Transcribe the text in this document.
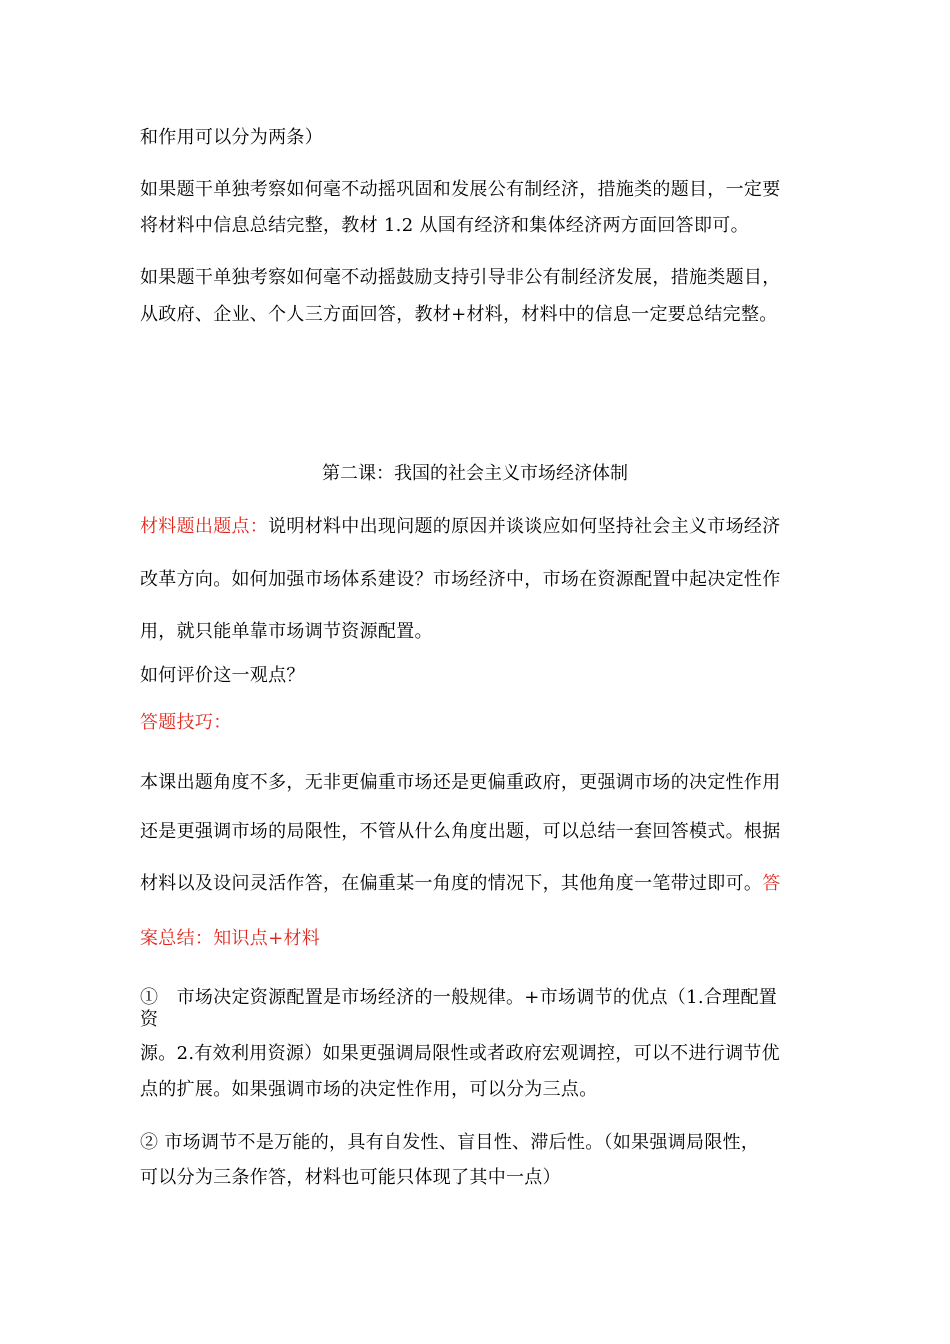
和作用可以分为两条）
如果题干单独考察如何毫不动摇巩固和发展公有制经济，措施类的题目，一定要
将材料中信息总结完整，教材 1.2 从国有经济和集体经济两方面回答即可。
如果题干单独考察如何毫不动摇鼓励支持引导非公有制经济发展，措施类题目，
从政府、企业、个人三方面回答，教材+材料，材料中的信息一定要总结完整。
第二课：我国的社会主义市场经济体制
材料题出题点：说明材料中出现问题的原因并谈谈应如何坚持社会主义市场经济
改革方向。如何加强市场体系建设？市场经济中，市场在资源配置中起决定性作
用，就只能单靠市场调节资源配置。
如何评价这一观点？
答题技巧：
本课出题角度不多，无非更偏重市场还是更偏重政府，更强调市场的决定性作用
还是更强调市场的局限性，不管从什么角度出题，可以总结一套回答模式。根据
材料以及设问灵活作答，在偏重某一角度的情况下，其他角度一笔带过即可。答
案总结：知识点+材料
①　市场决定资源配置是市场经济的一般规律。+市场调节的优点（1.合理配置
资
源。2.有效利用资源）如果更强调局限性或者政府宏观调控，可以不进行调节优
点的扩展。如果强调市场的决定性作用，可以分为三点。
② 市场调节不是万能的，具有自发性、盲目性、滞后性。（如果强调局限性，
可以分为三条作答，材料也可能只体现了其中一点）
